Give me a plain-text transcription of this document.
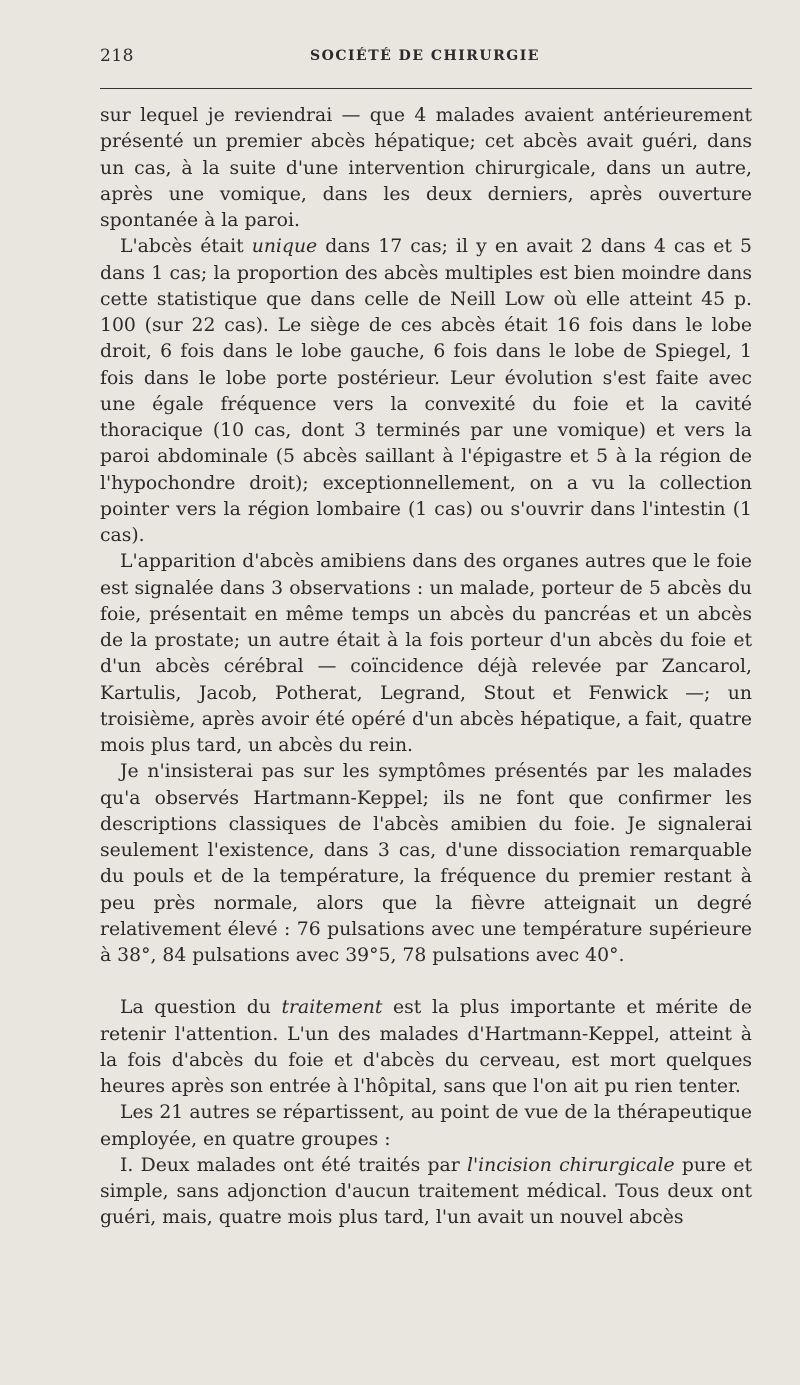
218	SOCIÉTÉ DE CHIRURGIE

sur lequel je reviendrai — que 4 malades avaient antérieurement présenté un premier abcès hépatique; cet abcès avait guéri, dans un cas, à la suite d'une intervention chirurgicale, dans un autre, après une vomique, dans les deux derniers, après ouverture spontanée à la paroi.

L'abcès était unique dans 17 cas; il y en avait 2 dans 4 cas et 5 dans 1 cas; la proportion des abcès multiples est bien moindre dans cette statistique que dans celle de Neill Low où elle atteint 45 p. 100 (sur 22 cas). Le siège de ces abcès était 16 fois dans le lobe droit, 6 fois dans le lobe gauche, 6 fois dans le lobe de Spiegel, 1 fois dans le lobe porte postérieur. Leur évolution s'est faite avec une égale fréquence vers la convexité du foie et la cavité thoracique (10 cas, dont 3 terminés par une vomique) et vers la paroi abdominale (5 abcès saillant à l'épigastre et 5 à la région de l'hypochondre droit); exceptionnellement, on a vu la collection pointer vers la région lombaire (1 cas) ou s'ouvrir dans l'intestin (1 cas).

L'apparition d'abcès amibiens dans des organes autres que le foie est signalée dans 3 observations : un malade, porteur de 5 abcès du foie, présentait en même temps un abcès du pancréas et un abcès de la prostate; un autre était à la fois porteur d'un abcès du foie et d'un abcès cérébral — coïncidence déjà relevée par Zancarol, Kartulis, Jacob, Potherat, Legrand, Stout et Fenwick —; un troisième, après avoir été opéré d'un abcès hépatique, a fait, quatre mois plus tard, un abcès du rein.

Je n'insisterai pas sur les symptômes présentés par les malades qu'a observés Hartmann-Keppel; ils ne font que confirmer les descriptions classiques de l'abcès amibien du foie. Je signalerai seulement l'existence, dans 3 cas, d'une dissociation remarquable du pouls et de la température, la fréquence du premier restant à peu près normale, alors que la fièvre atteignait un degré relativement élevé : 76 pulsations avec une température supérieure à 38°, 84 pulsations avec 39°5, 78 pulsations avec 40°.

La question du traitement est la plus importante et mérite de retenir l'attention. L'un des malades d'Hartmann-Keppel, atteint à la fois d'abcès du foie et d'abcès du cerveau, est mort quelques heures après son entrée à l'hôpital, sans que l'on ait pu rien tenter.

Les 21 autres se répartissent, au point de vue de la thérapeutique employée, en quatre groupes :

I. Deux malades ont été traités par l'incision chirurgicale pure et simple, sans adjonction d'aucun traitement médical. Tous deux ont guéri, mais, quatre mois plus tard, l'un avait un nouvel abcès
